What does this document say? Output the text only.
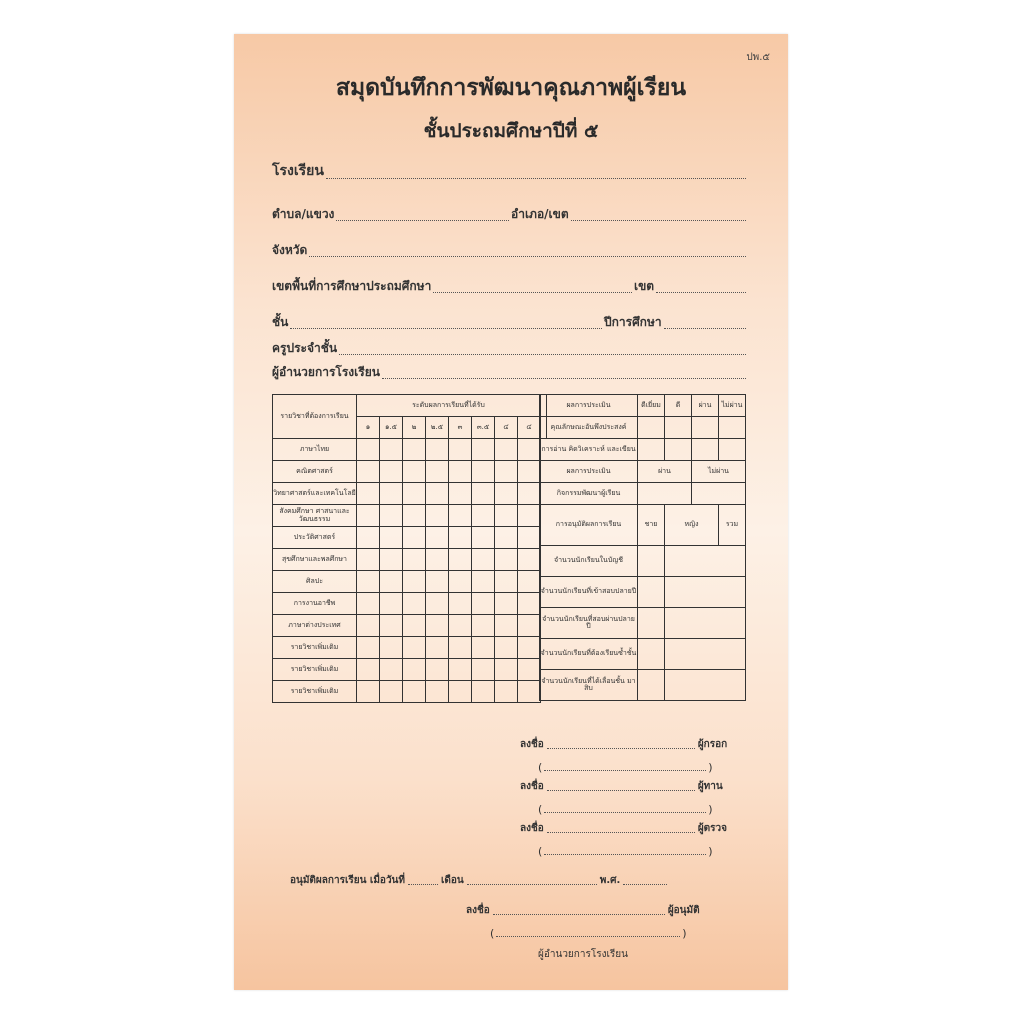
ปพ.๕
สมุดบันทึกการพัฒนาคุณภาพผู้เรียน
ชั้นประถมศึกษาปีที่ ๕
โรงเรียน
ตำบล/แขวง	อำเภอ/เขต
จังหวัด
เขตพื้นที่การศึกษาประถมศึกษา	เขต
ชั้น	ปีการศึกษา
ครูประจำชั้น
ผู้อำนวยการโรงเรียน
รายวิชาที่ต้องการเรียน	ระดับผลการเรียนที่ได้รับ								
	๑	๑.๕	๒	๒.๕	๓	๓.๕	๔	๔	
ภาษาไทย									
คณิตศาสตร์									
วิทยาศาสตร์และเทคโนโลยี									
สังคมศึกษา ศาสนาและวัฒนธรรม									
ประวัติศาสตร์									
สุขศึกษาและพลศึกษา									
ศิลปะ									
การงานอาชีพ									
ภาษาต่างประเทศ									
รายวิชาเพิ่มเติม									
รายวิชาเพิ่มเติม									
รายวิชาเพิ่มเติม									
ผลการประเมิน	ดีเยี่ยม	ดี	ผ่าน	ไม่ผ่าน
คุณลักษณะอันพึงประสงค์				
การอ่าน คิดวิเคราะห์ และเขียน				
ผลการประเมิน	ผ่าน		ไม่ผ่าน	
กิจกรรมพัฒนาผู้เรียน				
การอนุมัติผลการเรียน	ชาย	หญิง		รวม
จำนวนนักเรียนในบัญชี				
จำนวนนักเรียนที่เข้าสอบปลายปี				
จำนวนนักเรียนที่สอบผ่านปลายปี				
จำนวนนักเรียนที่ต้องเรียนซ้ำชั้น				
จำนวนนักเรียนที่ได้เลื่อนชั้น มาสิบ				
ลงชื่อ	ผู้กรอก
(	)
ลงชื่อ	ผู้ทาน
(	)
ลงชื่อ	ผู้ตรวจ
(	)
อนุมัติผลการเรียน เมื่อวันที่	เดือน	พ.ศ.
ลงชื่อ	ผู้อนุมัติ
(	)
ผู้อำนวยการโรงเรียน
